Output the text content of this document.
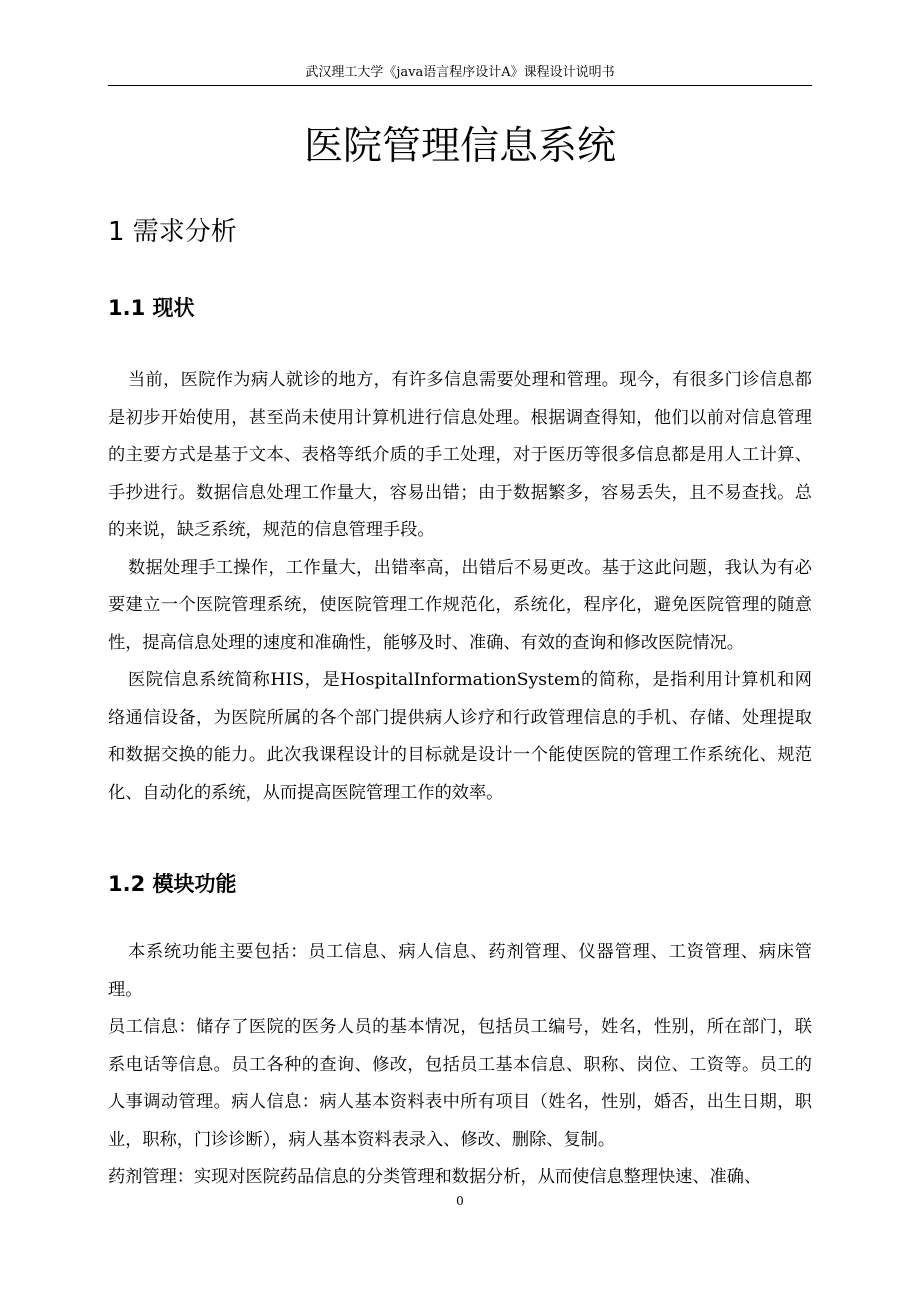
武汉理工大学《java语言程序设计A》课程设计说明书
医院管理信息系统
1 需求分析
1.1 现状

当前，医院作为病人就诊的地方，有许多信息需要处理和管理。现今，有很多门诊信息都是初步开始使用，甚至尚未使用计算机进行信息处理。根据调查得知，他们以前对信息管理的主要方式是基于文本、表格等纸介质的手工处理，对于医历等很多信息都是用人工计算、手抄进行。数据信息处理工作量大，容易出错；由于数据繁多，容易丢失，且不易查找。总的来说，缺乏系统，规范的信息管理手段。

数据处理手工操作，工作量大，出错率高，出错后不易更改。基于这此问题，我认为有必要建立一个医院管理系统，使医院管理工作规范化，系统化，程序化，避免医院管理的随意性，提高信息处理的速度和准确性，能够及时、准确、有效的查询和修改医院情况。

医院信息系统简称HIS，是HospitalInformationSystem的简称，是指利用计算机和网络通信设备，为医院所属的各个部门提供病人诊疗和行政管理信息的手机、存储、处理提取和数据交换的能力。此次我课程设计的目标就是设计一个能使医院的管理工作系统化、规范化、自动化的系统，从而提高医院管理工作的效率。

1.2 模块功能

本系统功能主要包括：员工信息、病人信息、药剂管理、仪器管理、工资管理、病床管理。

员工信息：储存了医院的医务人员的基本情况，包括员工编号，姓名，性别，所在部门，联系电话等信息。员工各种的查询、修改，包括员工基本信息、职称、岗位、工资等。员工的人事调动管理。病人信息：病人基本资料表中所有项目（姓名，性别，婚否，出生日期，职业，职称，门诊诊断），病人基本资料表录入、修改、删除、复制。

药剂管理：实现对医院药品信息的分类管理和数据分析，从而使信息整理快速、准确、

0
